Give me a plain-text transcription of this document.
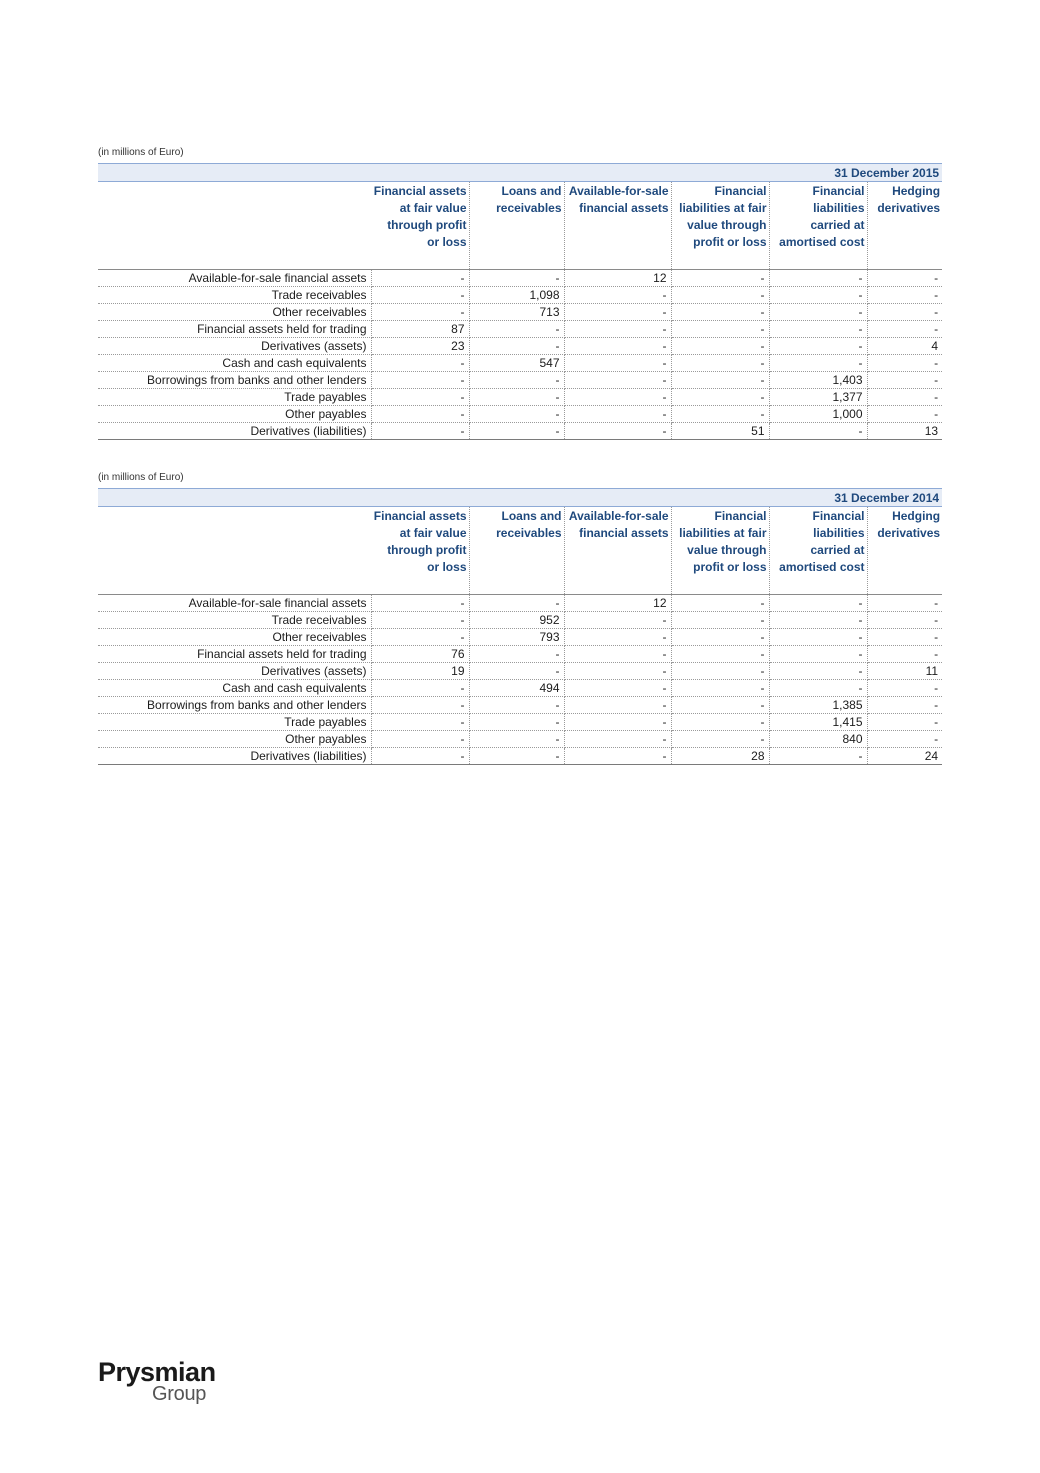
(in millions of Euro)
31 December 2015						
	Financial assets at fair value through profit or loss	Loans and receivables	Available-for-sale financial assets	Financial liabilities at fair value through profit or loss	Financial liabilities carried at amortised cost	Hedging derivatives
Available-for-sale financial assets	-	-	12	-	-	-
Trade receivables	-	1,098	-	-	-	-
Other receivables	-	713	-	-	-	-
Financial assets held for trading	87	-	-	-	-	-
Derivatives (assets)	23	-	-	-	-	4
Cash and cash equivalents	-	547	-	-	-	-
Borrowings from banks and other lenders	-	-	-	-	1,403	-
Trade payables	-	-	-	-	1,377	-
Other payables	-	-	-	-	1,000	-
Derivatives (liabilities)	-	-	-	51	-	13
(in millions of Euro)
31 December 2014						
	Financial assets at fair value through profit or loss	Loans and receivables	Available-for-sale financial assets	Financial liabilities at fair value through profit or loss	Financial liabilities carried at amortised cost	Hedging derivatives
Available-for-sale financial assets	-	-	12	-	-	-
Trade receivables	-	952	-	-	-	-
Other receivables	-	793	-	-	-	-
Financial assets held for trading	76	-	-	-	-	-
Derivatives (assets)	19	-	-	-	-	11
Cash and cash equivalents	-	494	-	-	-	-
Borrowings from banks and other lenders	-	-	-	-	1,385	-
Trade payables	-	-	-	-	1,415	-
Other payables	-	-	-	-	840	-
Derivatives (liabilities)	-	-	-	28	-	24
Prysmian
Group
